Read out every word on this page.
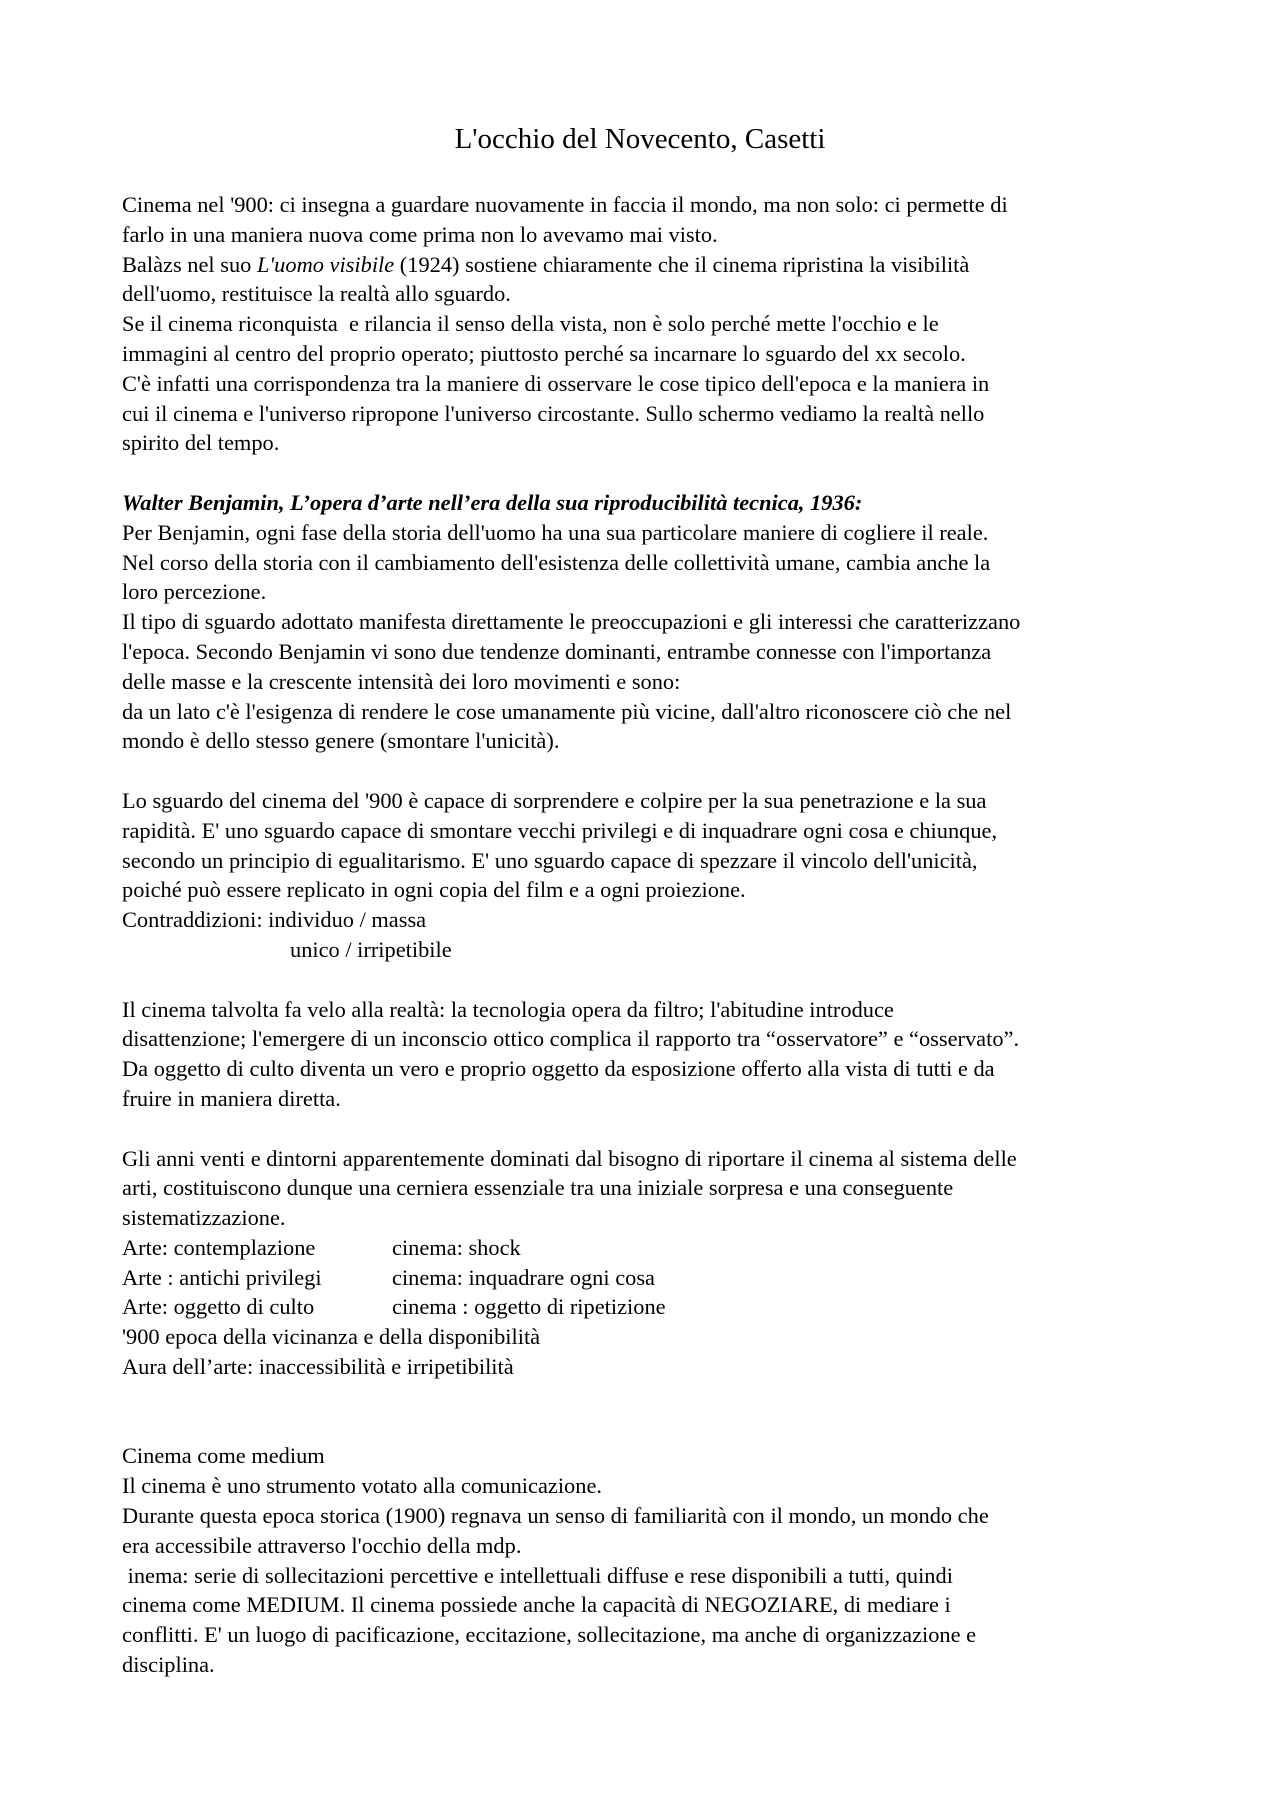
L'occhio del Novecento, Casetti
Cinema nel '900: ci insegna a guardare nuovamente in faccia il mondo, ma non solo: ci permette di
farlo in una maniera nuova come prima non lo avevamo mai visto.
Balàzs nel suo L'uomo visibile (1924) sostiene chiaramente che il cinema ripristina la visibilità
dell'uomo, restituisce la realtà allo sguardo.
Se il cinema riconquista  e rilancia il senso della vista, non è solo perché mette l'occhio e le
immagini al centro del proprio operato; piuttosto perché sa incarnare lo sguardo del xx secolo.
C'è infatti una corrispondenza tra la maniere di osservare le cose tipico dell'epoca e la maniera in
cui il cinema e l'universo ripropone l'universo circostante. Sullo schermo vediamo la realtà nello
spirito del tempo.
Walter Benjamin, L’opera d’arte nell’era della sua riproducibilità tecnica, 1936:
Per Benjamin, ogni fase della storia dell'uomo ha una sua particolare maniere di cogliere il reale.
Nel corso della storia con il cambiamento dell'esistenza delle collettività umane, cambia anche la
loro percezione.
Il tipo di sguardo adottato manifesta direttamente le preoccupazioni e gli interessi che caratterizzano
l'epoca. Secondo Benjamin vi sono due tendenze dominanti, entrambe connesse con l'importanza
delle masse e la crescente intensità dei loro movimenti e sono:
da un lato c'è l'esigenza di rendere le cose umanamente più vicine, dall'altro riconoscere ciò che nel
mondo è dello stesso genere (smontare l'unicità).
Lo sguardo del cinema del '900 è capace di sorprendere e colpire per la sua penetrazione e la sua
rapidità. E' uno sguardo capace di smontare vecchi privilegi e di inquadrare ogni cosa e chiunque,
secondo un principio di egualitarismo. E' uno sguardo capace di spezzare il vincolo dell'unicità,
poiché può essere replicato in ogni copia del film e a ogni proiezione.
Contraddizioni: individuo / massa
unico / irripetibile
Il cinema talvolta fa velo alla realtà: la tecnologia opera da filtro; l'abitudine introduce
disattenzione; l'emergere di un inconscio ottico complica il rapporto tra “osservatore” e “osservato”.
Da oggetto di culto diventa un vero e proprio oggetto da esposizione offerto alla vista di tutti e da
fruire in maniera diretta.
Gli anni venti e dintorni apparentemente dominati dal bisogno di riportare il cinema al sistema delle
arti, costituiscono dunque una cerniera essenziale tra una iniziale sorpresa e una conseguente
sistematizzazione.
Arte: contemplazione	cinema: shock
Arte : antichi privilegi	cinema: inquadrare ogni cosa
Arte: oggetto di culto	cinema : oggetto di ripetizione
'900 epoca della vicinanza e della disponibilità
Aura dell’arte: inaccessibilità e irripetibilità
Cinema come medium
Il cinema è uno strumento votato alla comunicazione.
Durante questa epoca storica (1900) regnava un senso di familiarità con il mondo, un mondo che
era accessibile attraverso l'occhio della mdp.
inema: serie di sollecitazioni percettive e intellettuali diffuse e rese disponibili a tutti, quindi
cinema come MEDIUM. Il cinema possiede anche la capacità di NEGOZIARE, di mediare i
conflitti. E' un luogo di pacificazione, eccitazione, sollecitazione, ma anche di organizzazione e
disciplina.
